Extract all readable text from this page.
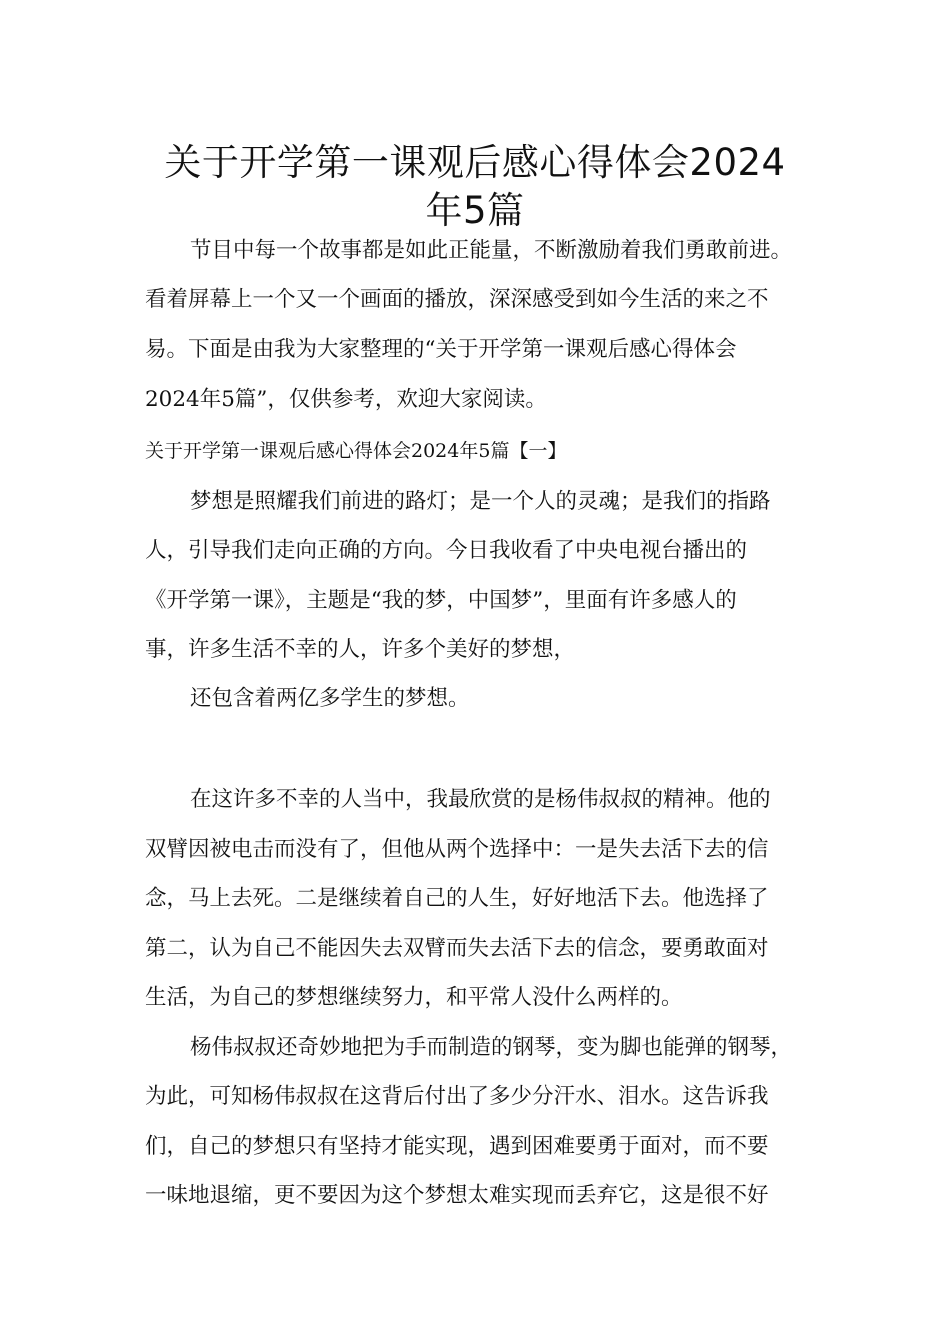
关于开学第一课观后感心得体会2024
年5篇

节目中每一个故事都是如此正能量，不断激励着我们勇敢前进。

看着屏幕上一个又一个画面的播放，深深感受到如今生活的来之不

易。下面是由我为大家整理的“关于开学第一课观后感心得体会

2024年5篇”，仅供参考，欢迎大家阅读。

关于开学第一课观后感心得体会2024年5篇【一】

梦想是照耀我们前进的路灯；是一个人的灵魂；是我们的指路

人，引导我们走向正确的方向。今日我收看了中央电视台播出的

《开学第一课》，主题是“我的梦，中国梦”，里面有许多感人的

事，许多生活不幸的人，许多个美好的梦想，

还包含着两亿多学生的梦想。

在这许多不幸的人当中，我最欣赏的是杨伟叔叔的精神。他的

双臂因被电击而没有了，但他从两个选择中：一是失去活下去的信

念，马上去死。二是继续着自己的人生，好好地活下去。他选择了

第二，认为自己不能因失去双臂而失去活下去的信念，要勇敢面对

生活，为自己的梦想继续努力，和平常人没什么两样的。

杨伟叔叔还奇妙地把为手而制造的钢琴，变为脚也能弹的钢琴，

为此，可知杨伟叔叔在这背后付出了多少分汗水、泪水。这告诉我

们，自己的梦想只有坚持才能实现，遇到困难要勇于面对，而不要

一味地退缩，更不要因为这个梦想太难实现而丢弃它，这是很不好
